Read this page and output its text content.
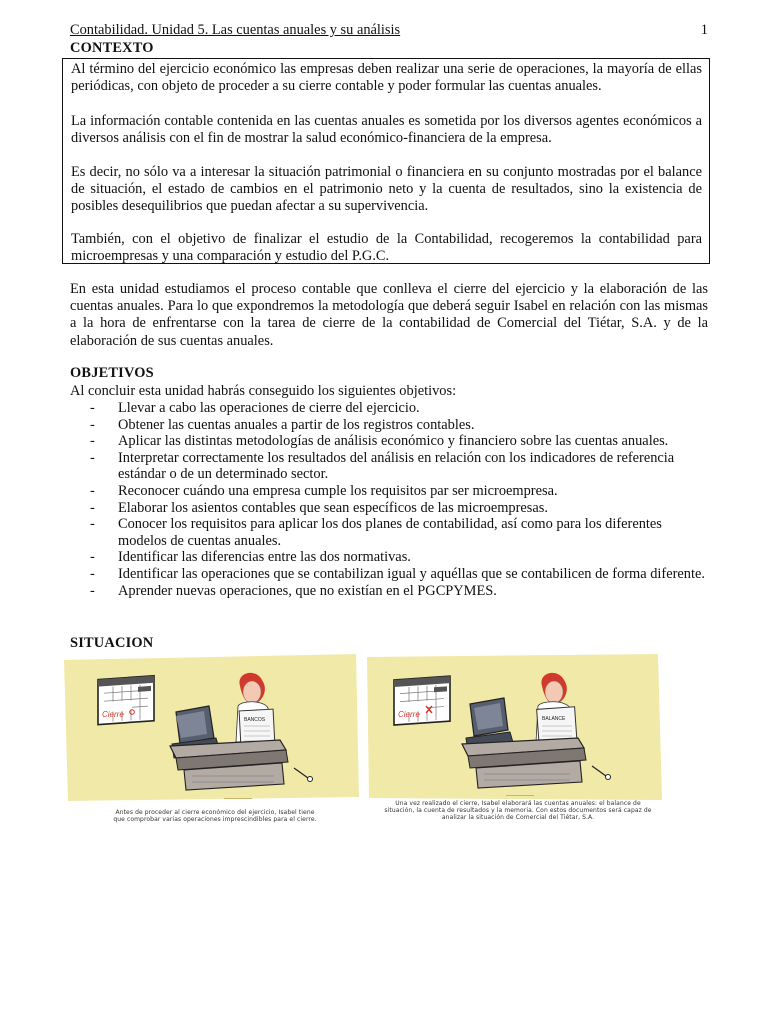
Contabilidad. Unidad 5. Las cuentas anuales y su análisis	1
CONTEXTO

Al término del ejercicio económico las empresas deben realizar una serie de operaciones, la mayoría de ellas periódicas, con objeto de proceder a su cierre contable y poder formular las cuentas anuales.

La información contable contenida en las cuentas anuales es sometida por los diversos agentes económicos a diversos análisis con el fin de mostrar la salud económico-financiera de la empresa.

Es decir, no sólo va a interesar la situación patrimonial o financiera en su conjunto mostradas por el balance de situación, el estado de cambios en el patrimonio neto y la cuenta de resultados, sino la existencia de posibles desequilibrios que puedan afectar a su supervivencia.

También, con el objetivo de finalizar el estudio de la Contabilidad, recogeremos la contabilidad para microempresas y una comparación y estudio del P.G.C.

En esta unidad estudiamos el proceso contable que conlleva el cierre del ejercicio y la elaboración de las cuentas anuales. Para lo que expondremos la metodología que deberá seguir Isabel en relación con las mismas a la hora de enfrentarse con la tarea de cierre de la contabilidad de Comercial del Tiétar, S.A. y de la elaboración de sus cuentas anuales.

OBJETIVOS
Al concluir esta unidad habrás conseguido los siguientes objetivos:
- Llevar a cabo las operaciones de cierre del ejercicio.
- Obtener las cuentas anuales a partir de los registros contables.
- Aplicar las distintas metodologías de análisis económico y financiero sobre las cuentas anuales.
- Interpretar correctamente los resultados del análisis en relación con los indicadores de referencia estándar o de un determinado sector.
- Reconocer cuándo una empresa cumple los requisitos par ser microempresa.
- Elaborar los asientos contables que sean específicos de las microempresas.
- Conocer los requisitos para aplicar los dos planes de contabilidad, así como para los diferentes modelos de cuentas anuales.
- Identificar las diferencias entre las dos normativas.
- Identificar las operaciones que se contabilizan igual y aquéllas que se contabilicen de forma diferente.
- Aprender nuevas operaciones, que no existían en el PGCPYMES.
SITUACION
Cierre
BANCOS
Antes de proceder al cierre económico del ejercicio, Isabel tiene que comprobar varias operaciones imprescindibles para el cierre.
Cierre	BALANCE
Una vez realizado el cierre, Isabel elaborará las cuentas anuales: el balance de situación, la cuenta de resultados y la memoria. Con estos documentos será capaz de analizar la situación de Comercial del Tiétar, S.A.
